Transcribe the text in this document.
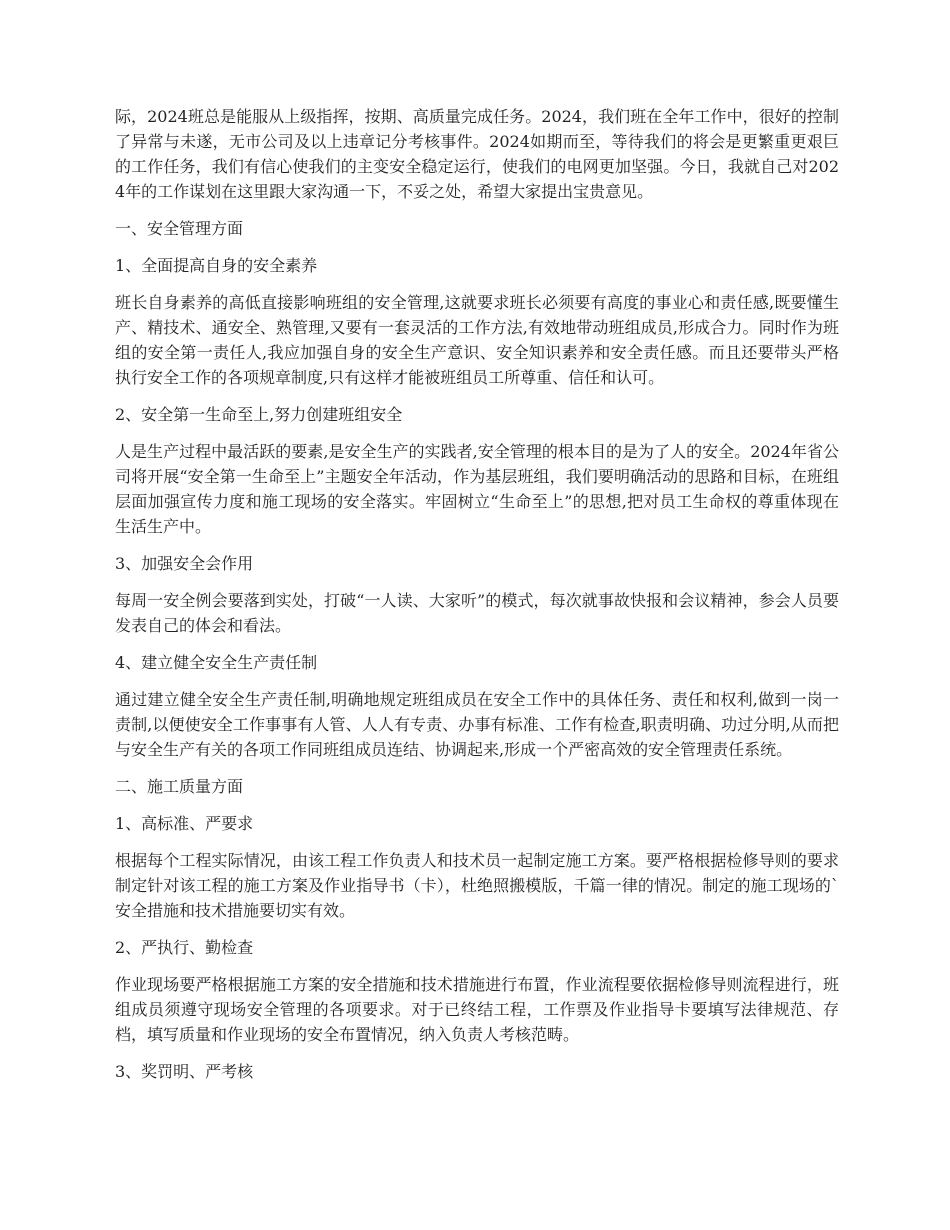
际，2024班总是能服从上级指挥，按期、高质量完成任务。2024，我们班在全年工作中，很好的控制了异常与未遂，无市公司及以上违章记分考核事件。2024如期而至，等待我们的将会是更繁重更艰巨的工作任务，我们有信心使我们的主变安全稳定运行，使我们的电网更加坚强。今日，我就自己对2024年的工作谋划在这里跟大家沟通一下，不妥之处，希望大家提出宝贵意见。

一、安全管理方面

1、全面提高自身的安全素养

班长自身素养的高低直接影响班组的安全管理,这就要求班长必须要有高度的事业心和责任感,既要懂生产、精技术、通安全、熟管理,又要有一套灵活的工作方法,有效地带动班组成员,形成合力。同时作为班组的安全第一责任人,我应加强自身的安全生产意识、安全知识素养和安全责任感。而且还要带头严格执行安全工作的各项规章制度,只有这样才能被班组员工所尊重、信任和认可。

2、安全第一生命至上,努力创建班组安全

人是生产过程中最活跃的要素,是安全生产的实践者,安全管理的根本目的是为了人的安全。2024年省公司将开展“安全第一生命至上”主题安全年活动，作为基层班组，我们要明确活动的思路和目标，在班组层面加强宣传力度和施工现场的安全落实。牢固树立“生命至上”的思想,把对员工生命权的尊重体现在生活生产中。

3、加强安全会作用

每周一安全例会要落到实处，打破“一人读、大家听”的模式，每次就事故快报和会议精神，参会人员要发表自己的体会和看法。

4、建立健全安全生产责任制

通过建立健全安全生产责任制,明确地规定班组成员在安全工作中的具体任务、责任和权利,做到一岗一责制,以便使安全工作事事有人管、人人有专责、办事有标准、工作有检查,职责明确、功过分明,从而把与安全生产有关的各项工作同班组成员连结、协调起来,形成一个严密高效的安全管理责任系统。

二、施工质量方面

1、高标准、严要求

根据每个工程实际情况，由该工程工作负责人和技术员一起制定施工方案。要严格根据检修导则的要求制定针对该工程的施工方案及作业指导书（卡），杜绝照搬模版，千篇一律的情况。制定的施工现场的`安全措施和技术措施要切实有效。

2、严执行、勤检查

作业现场要严格根据施工方案的安全措施和技术措施进行布置，作业流程要依据检修导则流程进行，班组成员须遵守现场安全管理的各项要求。对于已终结工程，工作票及作业指导卡要填写法律规范、存档，填写质量和作业现场的安全布置情况，纳入负责人考核范畴。

3、奖罚明、严考核
